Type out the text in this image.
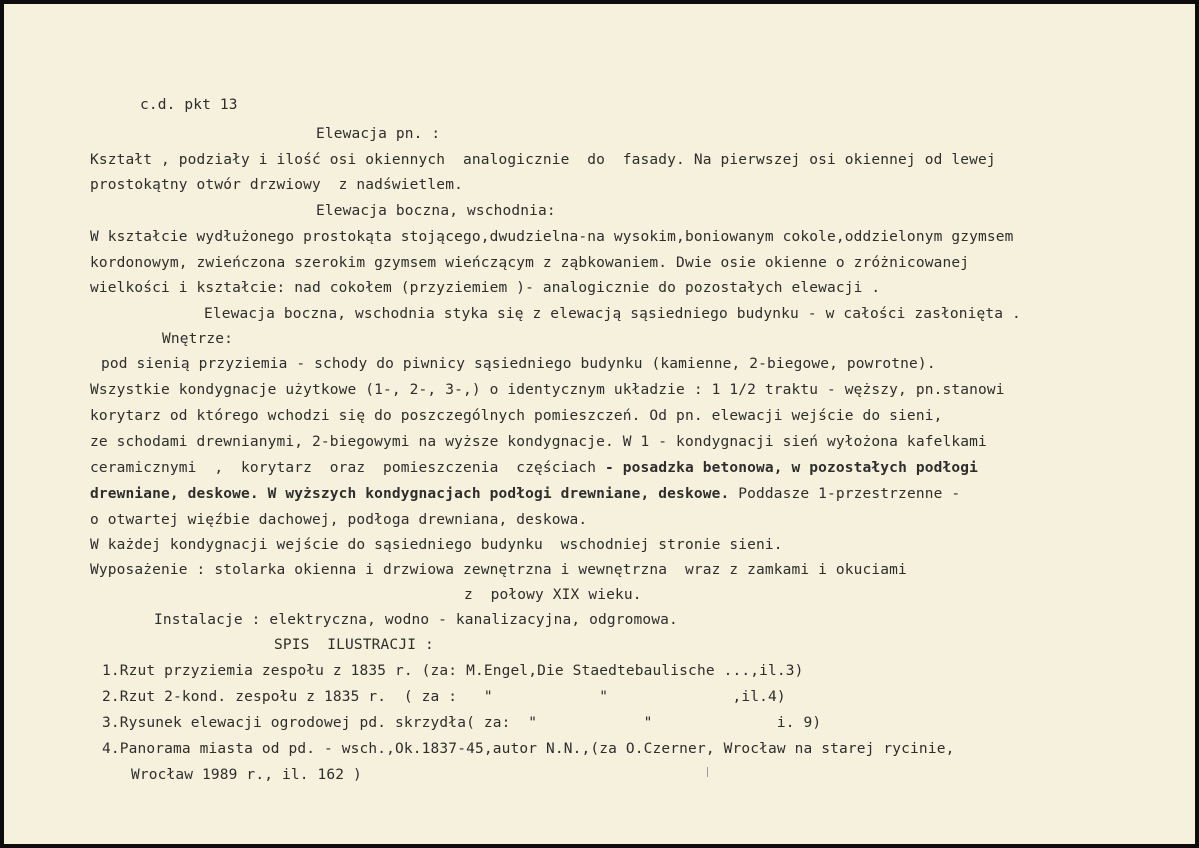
c.d. pkt 13
Elewacja pn. :
Kształt , podziały i ilość osi okiennych  analogicznie  do  fasady. Na pierwszej osi okiennej od lewej
prostokątny otwór drzwiowy  z nadświetlem.
Elewacja boczna, wschodnia:
W kształcie wydłużonego prostokąta stojącego,dwudzielna-na wysokim,boniowanym cokole,oddzielonym gzymsem
kordonowym, zwieńczona szerokim gzymsem wieńczącym z ząbkowaniem. Dwie osie okienne o zróżnicowanej
wielkości i kształcie: nad cokołem (przyziemiem )- analogicznie do pozostałych elewacji .
Elewacja boczna, wschodnia styka się z elewacją sąsiedniego budynku - w całości zasłonięta .
Wnętrze:
pod sienią przyziemia - schody do piwnicy sąsiedniego budynku (kamienne, 2-biegowe, powrotne).
Wszystkie kondygnacje użytkowe (1-, 2-, 3-,) o identycznym układzie : 1 1/2 traktu - węższy, pn.stanowi
korytarz od którego wchodzi się do poszczególnych pomieszczeń. Od pn. elewacji wejście do sieni,
ze schodami drewnianymi, 2-biegowymi na wyższe kondygnacje. W 1 - kondygnacji sień wyłożona kafelkami
ceramicznymi  ,  korytarz  oraz  pomieszczenia  częściach - posadzka betonowa, w pozostałych podłogi
drewniane, deskowe. W wyższych kondygnacjach podłogi drewniane, deskowe. Poddasze 1-przestrzenne -
o otwartej więźbie dachowej, podłoga drewniana, deskowa.
W każdej kondygnacji wejście do sąsiedniego budynku  wschodniej stronie sieni.
Wyposażenie : stolarka okienna i drzwiowa zewnętrzna i wewnętrzna  wraz z zamkami i okuciami
z  połowy XIX wieku.
Instalacje : elektryczna, wodno - kanalizacyjna, odgromowa.
SPIS  ILUSTRACJI :
1.Rzut przyziemia zespołu z 1835 r. (za: M.Engel,Die Staedtebaulische ...,il.3)
2.Rzut 2-kond. zespołu z 1835 r.  ( za :   "            "              ,il.4)
3.Rysunek elewacji ogrodowej pd. skrzydła( za:  "            "              i. 9)
4.Panorama miasta od pd. - wsch.,Ok.1837-45,autor N.N.,(za O.Czerner, Wrocław na starej rycinie,
Wrocław 1989 r., il. 162 )
